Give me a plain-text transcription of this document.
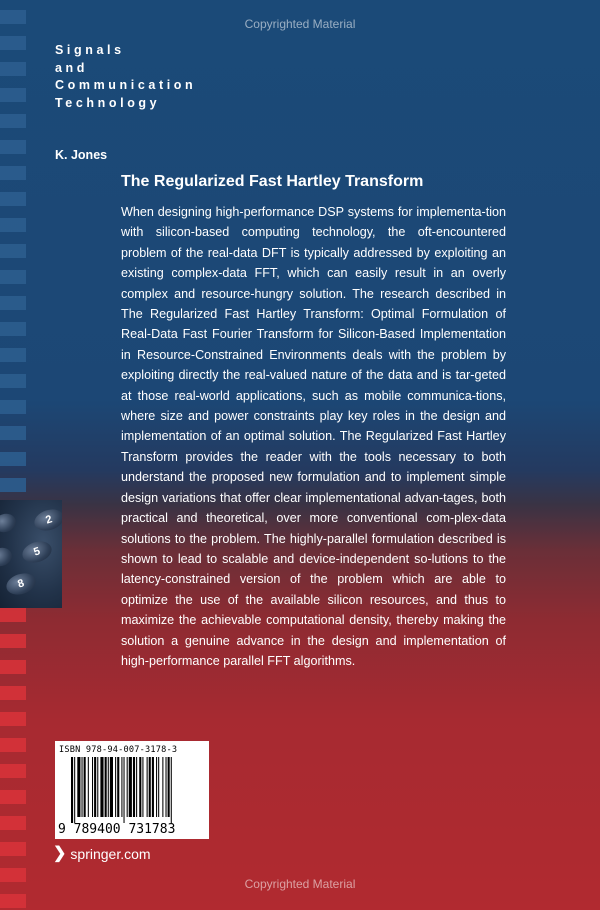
Copyrighted Material
Signals
and
Communication
Technology
K. Jones
The Regularized Fast Hartley Transform
When designing high-performance DSP systems for implementa-tion with silicon-based computing technology, the oft-encountered problem of the real-data DFT is typically addressed by exploiting an existing complex-data FFT, which can easily result in an overly complex and resource-hungry solution. The research described in The Regularized Fast Hartley Transform: Optimal Formulation of Real-Data Fast Fourier Transform for Silicon-Based Implementation in Resource-Constrained Environments deals with the problem by exploiting directly the real-valued nature of the data and is tar-geted at those real-world applications, such as mobile communica-tions, where size and power constraints play key roles in the design and implementation of an optimal solution. The Regularized Fast Hartley Transform provides the reader with the tools necessary to both understand the proposed new formulation and to implement simple design variations that offer clear implementational advan-tages, both practical and theoretical, over more conventional com-plex-data solutions to the problem. The highly-parallel formulation described is shown to lead to scalable and device-independent so-lutions to the latency-constrained version of the problem which are able to optimize the use of the available silicon resources, and thus to maximize the achievable computational density, thereby making the solution a genuine advance in the design and implementation of high-performance parallel FFT algorithms.
2
5
8
ISBN 978-94-007-3178-3
9 789400 731783
❯ springer.com
Copyrighted Material
